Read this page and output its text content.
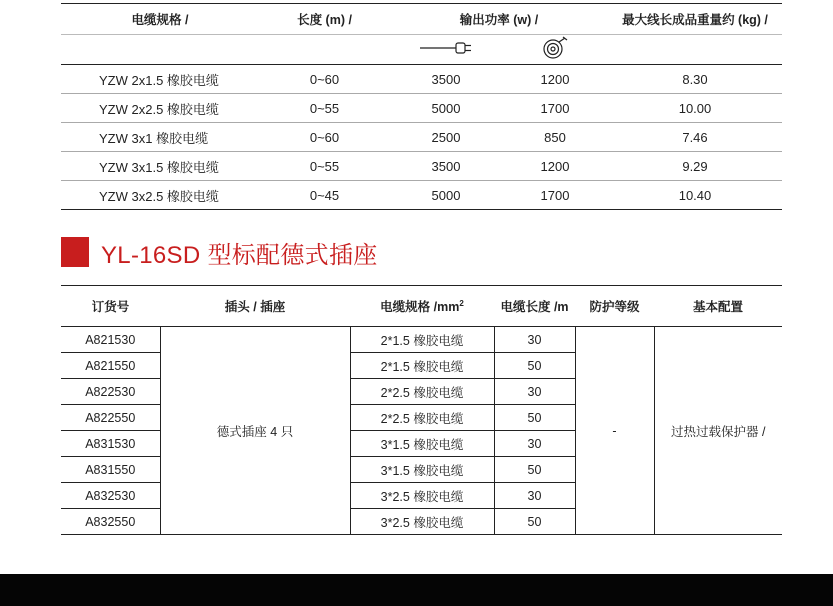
电缆规格 /	长度 (m) /	输出功率 (w) /		最大线长成品重量约 (kg) /

YZW 2x1.5 橡胶电缆	0~60	3500	1200	8.30
YZW 2x2.5 橡胶电缆	0~55	5000	1700	10.00
YZW 3x1 橡胶电缆	0~60	2500	850	7.46
YZW 3x1.5 橡胶电缆	0~55	3500	1200	9.29
YZW 3x2.5 橡胶电缆	0~45	5000	1700	10.40
YL-16SD 型标配德式插座
订货号	插头 / 插座	电缆规格 $/mm^2$	电缆长度 /m	防护等级	基本配置
A821530	德式插座 4 只	2*1.5 橡胶电缆	30	-	过热过载保护器 /
A821550		2*1.5 橡胶电缆	50		
A822530		2*2.5 橡胶电缆	30		
A822550		2*2.5 橡胶电缆	50		
A831530		3*1.5 橡胶电缆	30		
A831550		3*1.5 橡胶电缆	50		
A832530		3*2.5 橡胶电缆	30		
A832550		3*2.5 橡胶电缆	50		
